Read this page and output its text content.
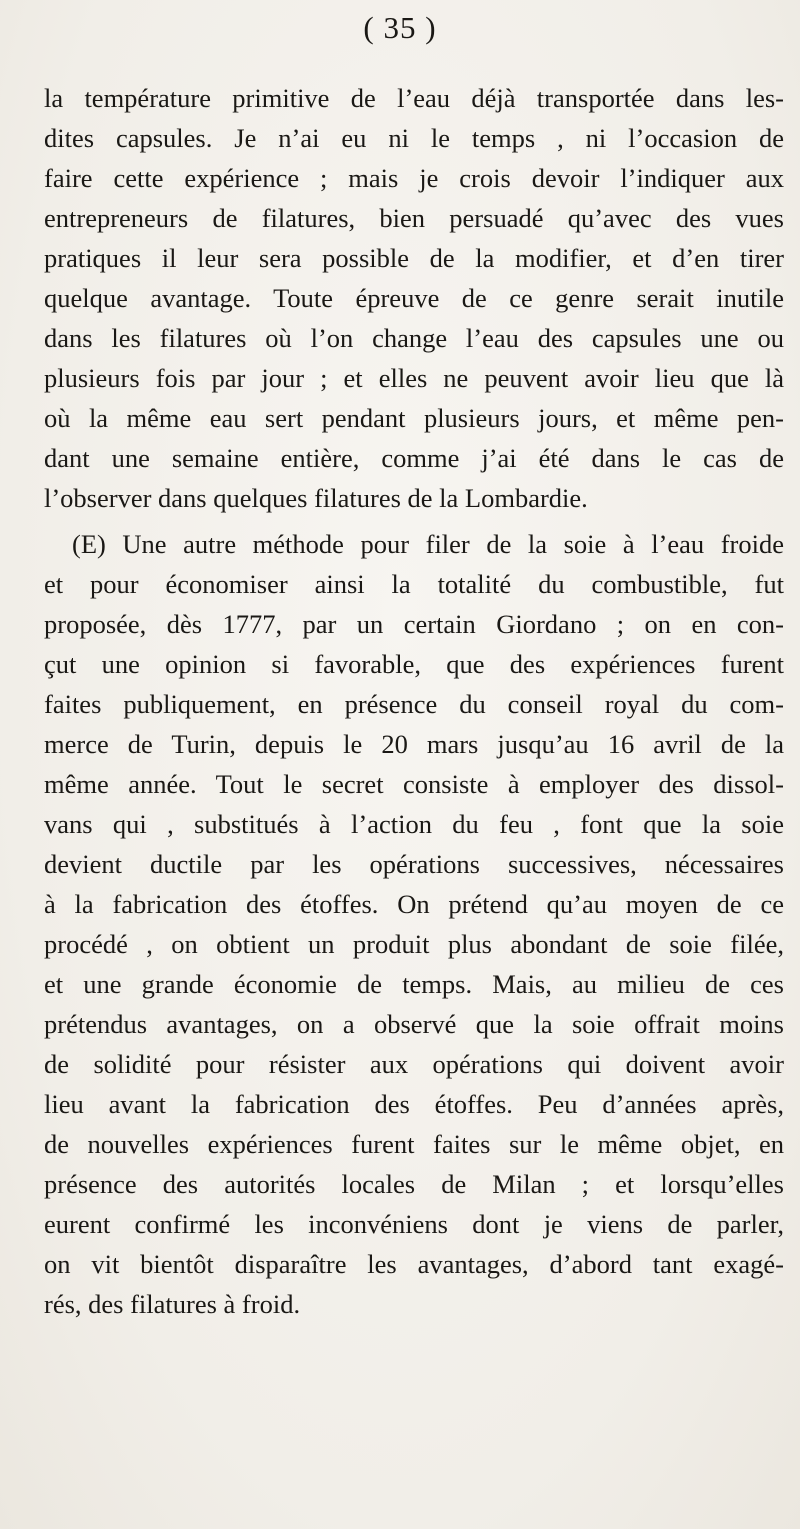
( 35 )
la température primitive de l’eau déjà transportée dans les-
dites capsules. Je n’ai eu ni le temps , ni l’occasion de
faire cette expérience ; mais je crois devoir l’indiquer aux
entrepreneurs de filatures, bien persuadé qu’avec des vues
pratiques il leur sera possible de la modifier, et d’en tirer
quelque avantage. Toute épreuve de ce genre serait inutile
dans les filatures où l’on change l’eau des capsules une ou
plusieurs fois par jour ; et elles ne peuvent avoir lieu que là
où la même eau sert pendant plusieurs jours, et même pen-
dant une semaine entière, comme j’ai été dans le cas de
l’observer dans quelques filatures de la Lombardie.
(E) Une autre méthode pour filer de la soie à l’eau froide
et pour économiser ainsi la totalité du combustible, fut
proposée, dès 1777, par un certain Giordano ; on en con-
çut une opinion si favorable, que des expériences furent
faites publiquement, en présence du conseil royal du com-
merce de Turin, depuis le 20 mars jusqu’au 16 avril de la
même année. Tout le secret consiste à employer des dissol-
vans qui , substitués à l’action du feu , font que la soie
devient ductile par les opérations successives, nécessaires
à la fabrication des étoffes. On prétend qu’au moyen de ce
procédé , on obtient un produit plus abondant de soie filée,
et une grande économie de temps. Mais, au milieu de ces
prétendus avantages, on a observé que la soie offrait moins
de solidité pour résister aux opérations qui doivent avoir
lieu avant la fabrication des étoffes. Peu d’années après,
de nouvelles expériences furent faites sur le même objet, en
présence des autorités locales de Milan ; et lorsqu’elles
eurent confirmé les inconvéniens dont je viens de parler,
on vit bientôt disparaître les avantages, d’abord tant exagé-
rés, des filatures à froid.
